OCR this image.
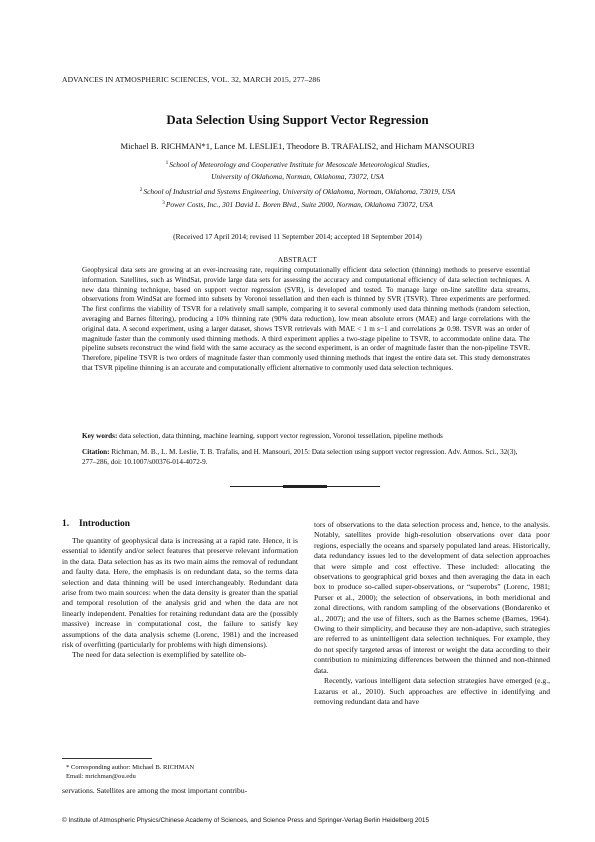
ADVANCES IN ATMOSPHERIC SCIENCES, VOL. 32, MARCH 2015, 277–286
Data Selection Using Support Vector Regression
Michael B. RICHMAN*1, Lance M. LESLIE1, Theodore B. TRAFALIS2, and Hicham MANSOURI3
$^1$School of Meteorology and Cooperative Institute for Mesoscale Meteorological Studies,
University of Oklahoma, Norman, Oklahoma, 73072, USA
$^2$School of Industrial and Systems Engineering, University of Oklahoma, Norman, Oklahoma, 73019, USA
$^3$Power Costs, Inc., 301 David L. Boren Blvd., Suite 2000, Norman, Oklahoma 73072, USA
(Received 17 April 2014; revised 11 September 2014; accepted 18 September 2014)
ABSTRACT
Geophysical data sets are growing at an ever-increasing rate, requiring computationally efficient data selection (thinning) methods to preserve essential information. Satellites, such as WindSat, provide large data sets for assessing the accuracy and computational efficiency of data selection techniques. A new data thinning technique, based on support vector regression (SVR), is developed and tested. To manage large on-line satellite data streams, observations from WindSat are formed into subsets by Voronoi tessellation and then each is thinned by SVR (TSVR). Three experiments are performed. The first confirms the viability of TSVR for a relatively small sample, comparing it to several commonly used data thinning methods (random selection, averaging and Barnes filtering), producing a 10% thinning rate (90% data reduction), low mean absolute errors (MAE) and large correlations with the original data. A second experiment, using a larger dataset, shows TSVR retrievals with MAE < 1 m s−1 and correlations ⩾ 0.98. TSVR was an order of magnitude faster than the commonly used thinning methods. A third experiment applies a two-stage pipeline to TSVR, to accommodate online data. The pipeline subsets reconstruct the wind field with the same accuracy as the second experiment, is an order of magnitude faster than the non-pipeline TSVR. Therefore, pipeline TSVR is two orders of magnitude faster than commonly used thinning methods that ingest the entire data set. This study demonstrates that TSVR pipeline thinning is an accurate and computationally efficient alternative to commonly used data selection techniques.
Key words: data selection, data thinning, machine learning, support vector regression, Voronoi tessellation, pipeline methods
Citation: Richman, M. B., L. M. Leslie, T. B. Trafalis, and H. Mansouri, 2015: Data selection using support vector regression. Adv. Atmos. Sci., 32(3), 277–286, doi: 10.1007/s00376-014-4072-9.
1. Introduction

The quantity of geophysical data is increasing at a rapid rate. Hence, it is essential to identify and/or select features that preserve relevant information in the data. Data selection has as its two main aims the removal of redundant and faulty data. Here, the emphasis is on redundant data, so the terms data selection and data thinning will be used interchangeably. Redundant data arise from two main sources: when the data density is greater than the spatial and temporal resolution of the analysis grid and when the data are not linearly independent. Penalties for retaining redundant data are the (possibly massive) increase in computational cost, the failure to satisfy key assumptions of the data analysis scheme (Lorenc, 1981) and the increased risk of overfitting (particularly for problems with high dimensions).

The need for data selection is exemplified by satellite ob-

* Corresponding author: Michael B. RICHMAN
Email: mrichman@ou.edu
servations. Satellites are among the most important contribu-

tors of observations to the data selection process and, hence, to the analysis. Notably, satellites provide high-resolution observations over data poor regions, especially the oceans and sparsely populated land areas. Historically, data redundancy issues led to the development of data selection approaches that were simple and cost effective. These included: allocating the observations to geographical grid boxes and then averaging the data in each box to produce so-called super-observations, or “superobs” (Lorenc, 1981; Purser et al., 2000); the selection of observations, in both meridional and zonal directions, with random sampling of the observations (Bondarenko et al., 2007); and the use of filters, such as the Barnes scheme (Barnes, 1964). Owing to their simplicity, and because they are non-adaptive, such strategies are referred to as unintelligent data selection techniques. For example, they do not specify targeted areas of interest or weight the data according to their contribution to minimizing differences between the thinned and non-thinned data.

Recently, various intelligent data selection strategies have emerged (e.g., Lazarus et al., 2010). Such approaches are effective in identifying and removing redundant data and have

© Institute of Atmospheric Physics/Chinese Academy of Sciences, and Science Press and Springer-Verlag Berlin Heidelberg 2015
